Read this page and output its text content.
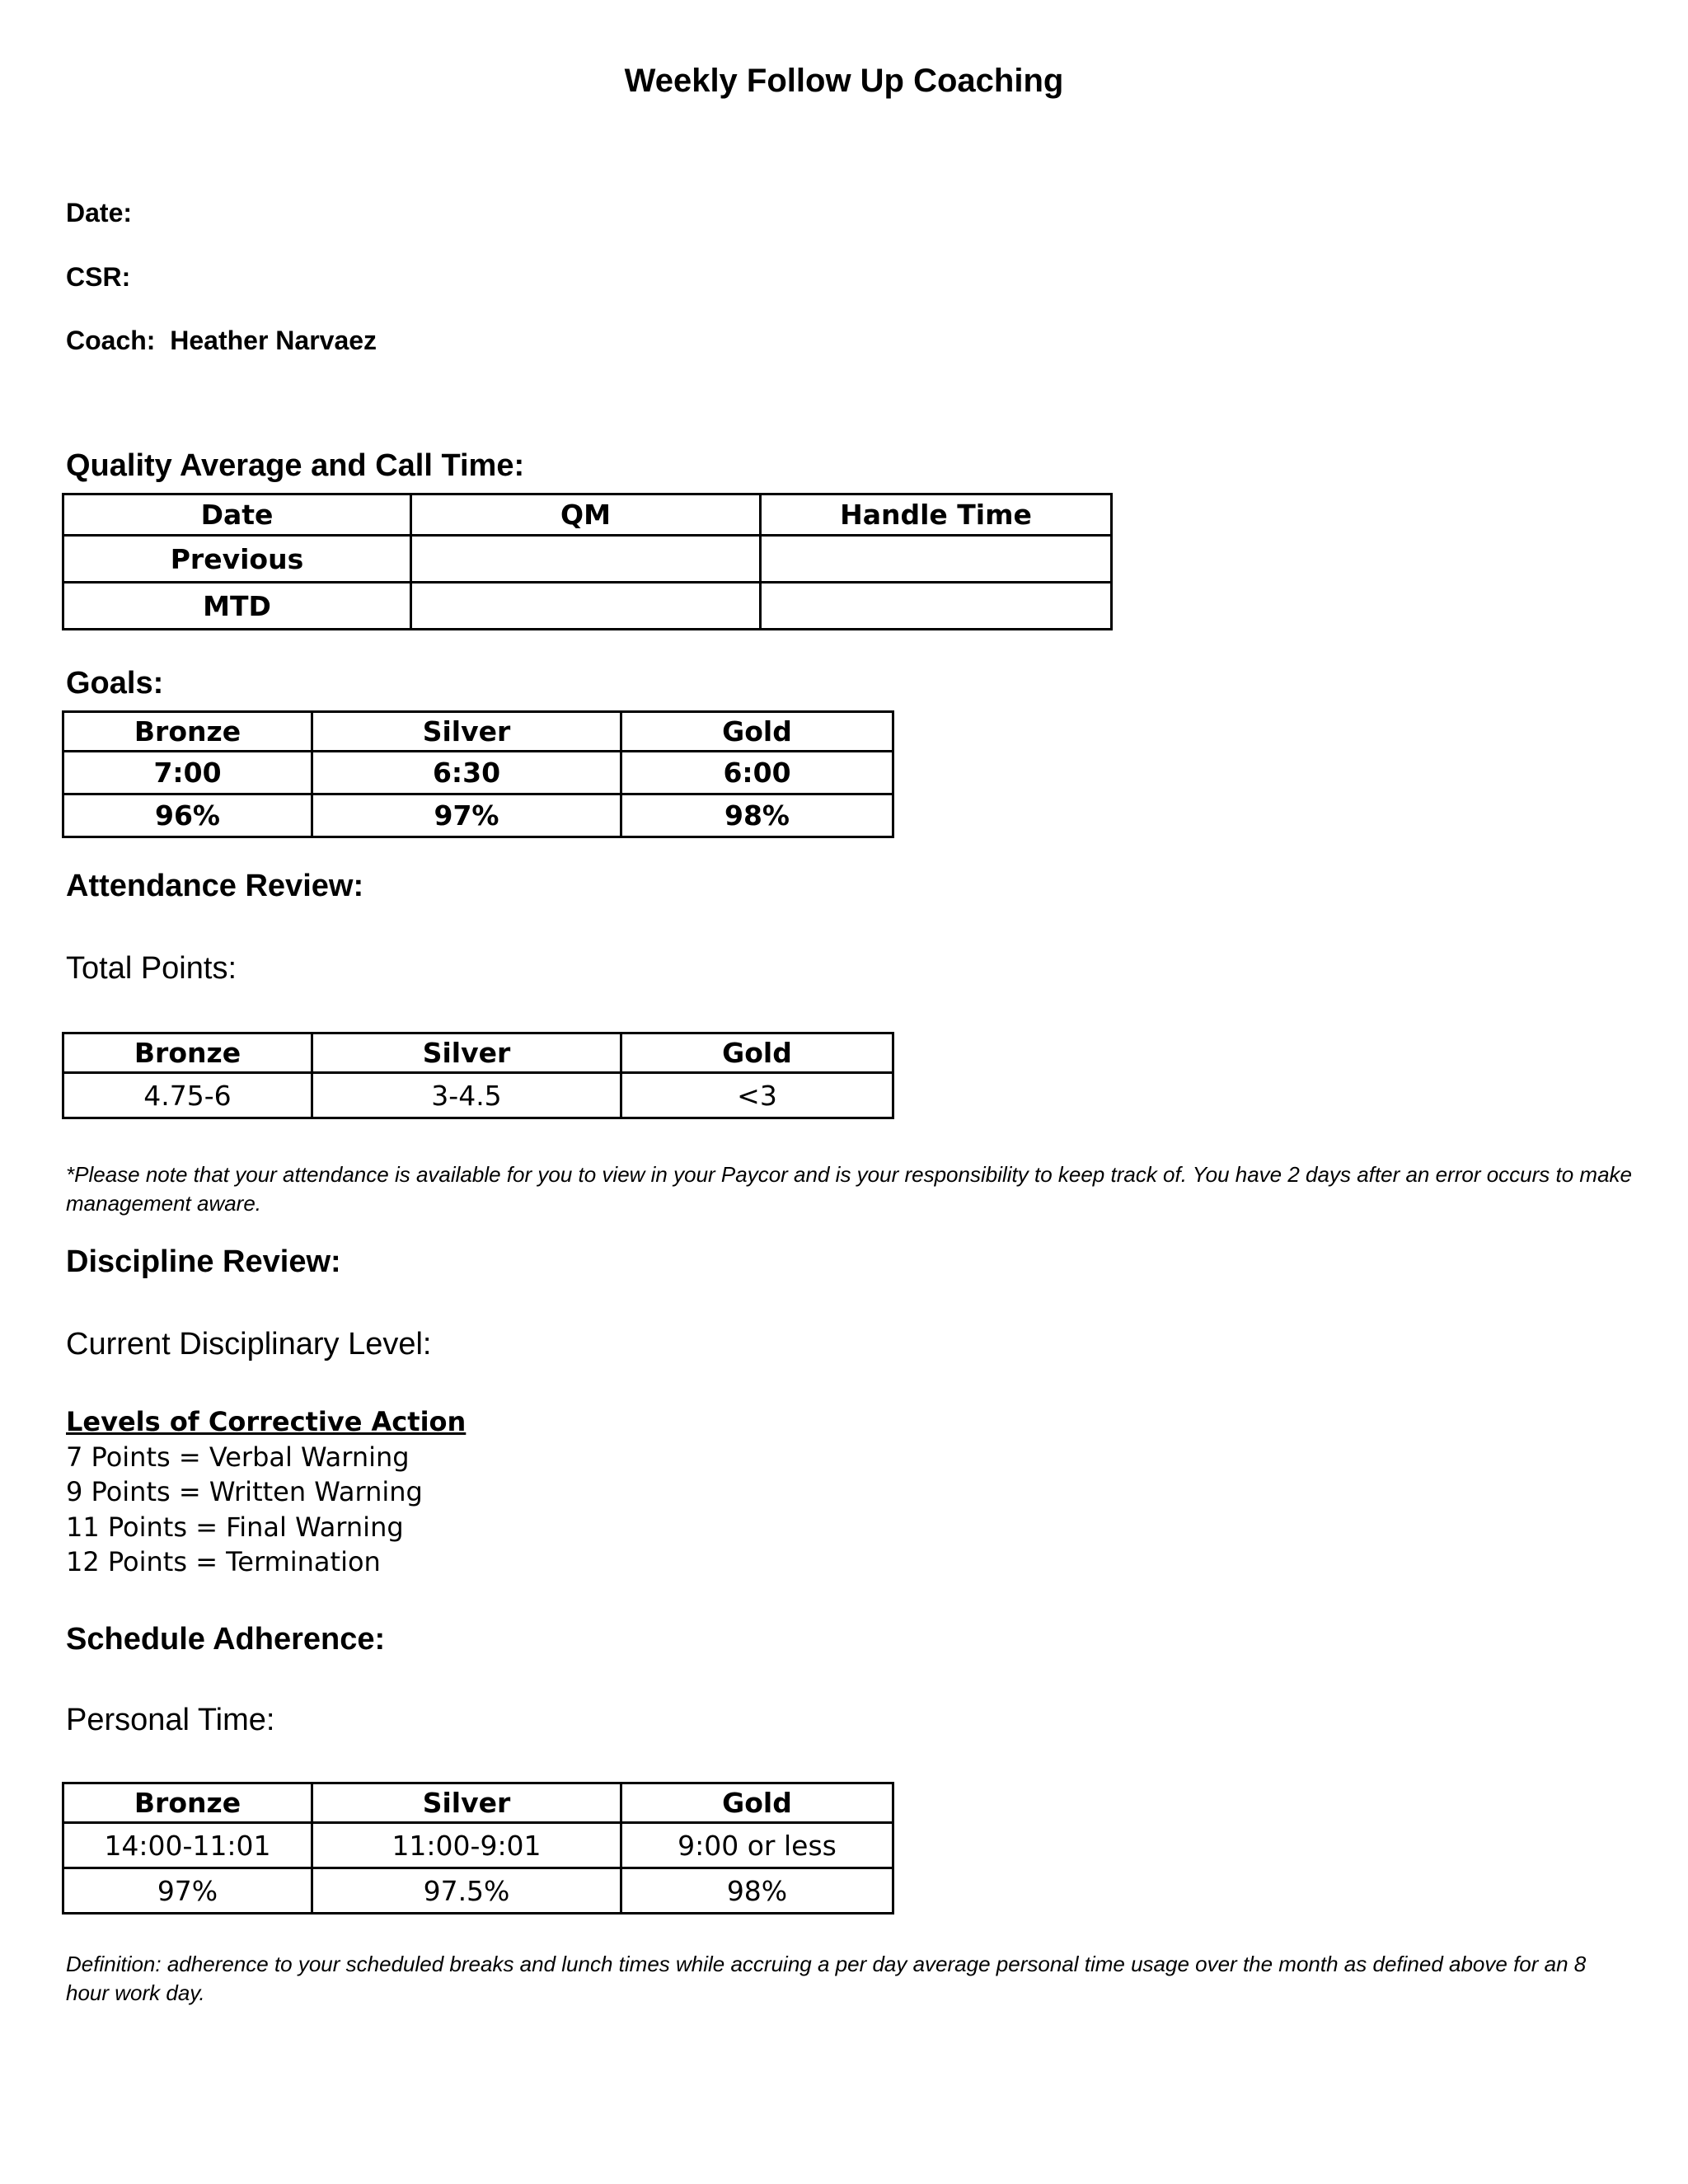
Weekly Follow Up Coaching
Date:
CSR:
Coach: Heather Narvaez
Quality Average and Call Time:
Date	QM	Handle Time
Previous		
MTD		
Goals:
Bronze	Silver	Gold
7:00	6:30	6:00
96%	97%	98%
Attendance Review:
Total Points:
Bronze	Silver	Gold
4.75-6	3-4.5	<3
*Please note that your attendance is available for you to view in your Paycor and is your responsibility to keep track of. You have 2 days after an error occurs to make management aware.
Discipline Review:
Current Disciplinary Level:
Levels of Corrective Action
7 Points = Verbal Warning
9 Points = Written Warning
11 Points = Final Warning
12 Points = Termination
Schedule Adherence:
Personal Time:
Bronze	Silver	Gold
14:00-11:01	11:00-9:01	9:00 or less
97%	97.5%	98%
Definition: adherence to your scheduled breaks and lunch times while accruing a per day average personal time usage over the month as defined above for an 8 hour work day.
